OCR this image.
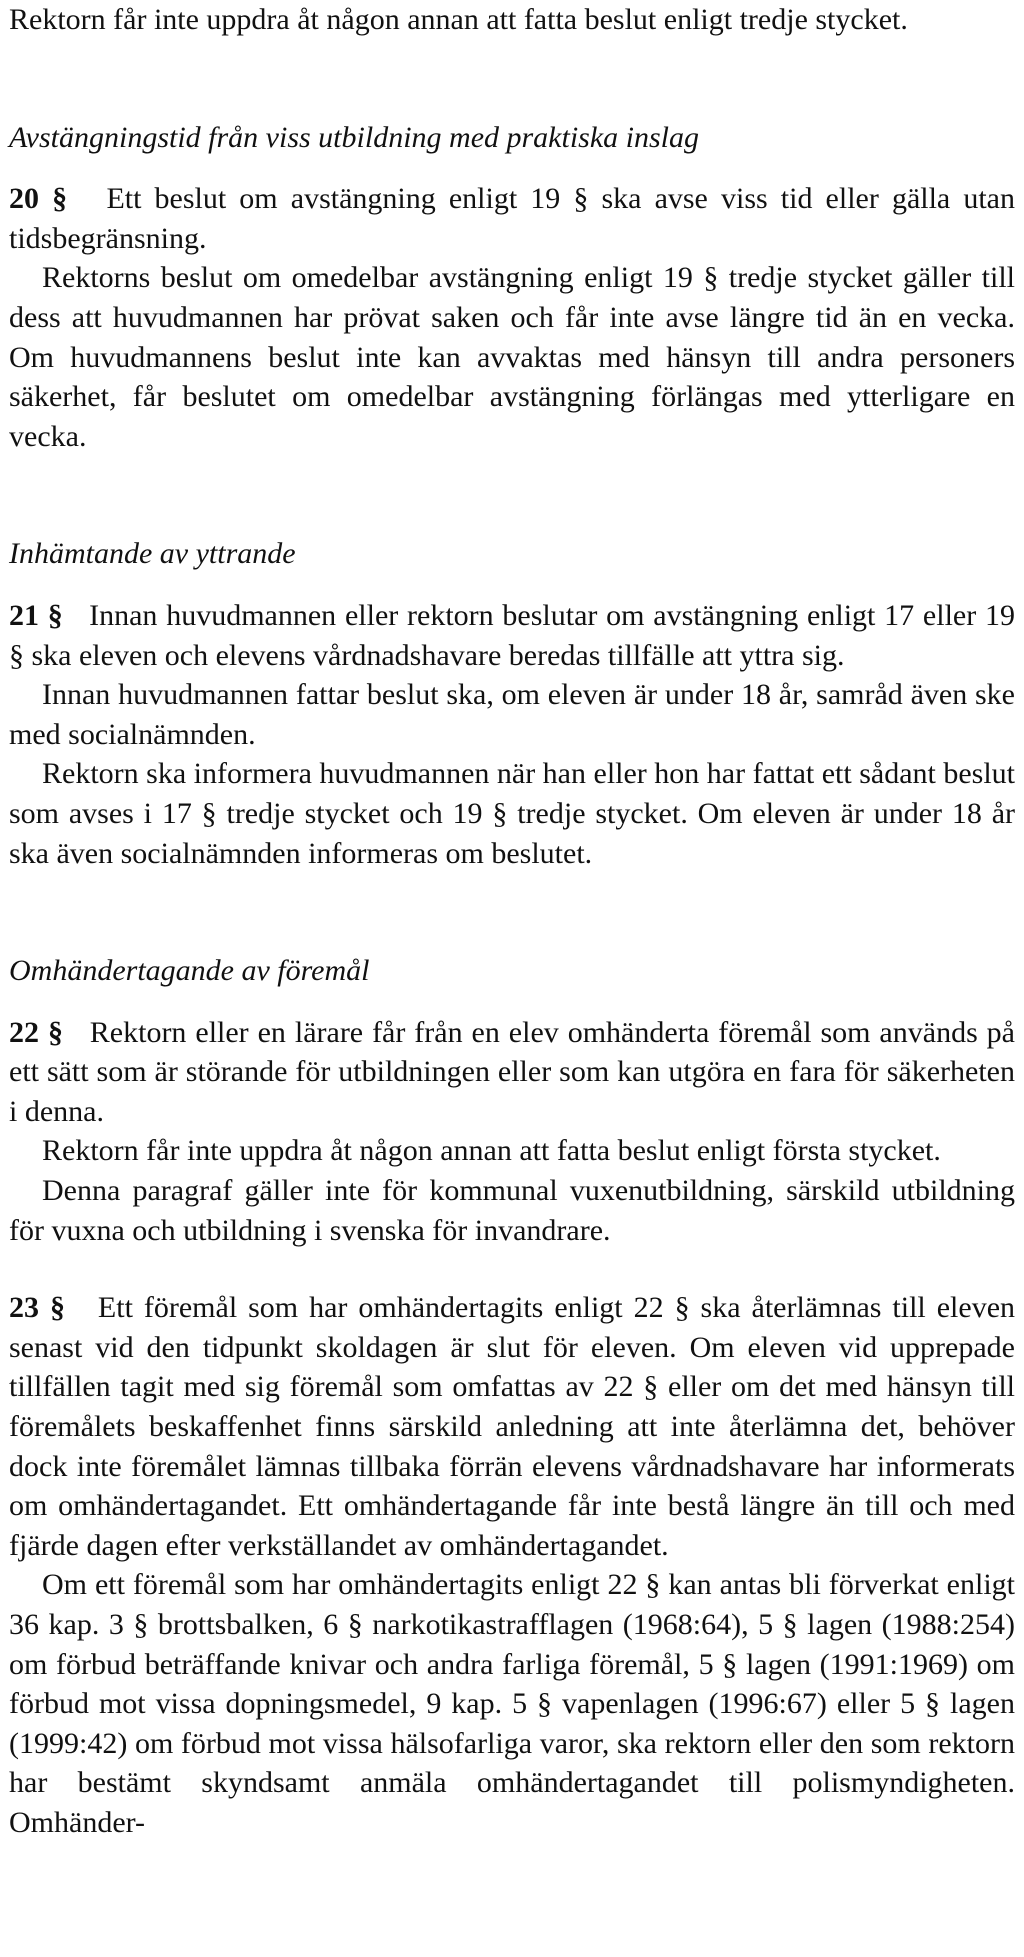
Rektorn får inte uppdra åt någon annan att fatta beslut enligt tredje stycket.

Avstängningstid från viss utbildning med praktiska inslag

20 § Ett beslut om avstängning enligt 19 § ska avse viss tid eller gälla utan tidsbegränsning.

Rektorns beslut om omedelbar avstängning enligt 19 § tredje stycket gäller till dess att huvudmannen har prövat saken och får inte avse längre tid än en vecka. Om huvudmannens beslut inte kan avvaktas med hänsyn till andra personers säkerhet, får beslutet om omedelbar avstängning förlängas med ytterligare en vecka.

Inhämtande av yttrande

21 § Innan huvudmannen eller rektorn beslutar om avstängning enligt 17 eller 19 § ska eleven och elevens vårdnadshavare beredas tillfälle att yttra sig.

Innan huvudmannen fattar beslut ska, om eleven är under 18 år, samråd även ske med socialnämnden.

Rektorn ska informera huvudmannen när han eller hon har fattat ett sådant beslut som avses i 17 § tredje stycket och 19 § tredje stycket. Om eleven är under 18 år ska även socialnämnden informeras om beslutet.

Omhändertagande av föremål

22 § Rektorn eller en lärare får från en elev omhänderta föremål som används på ett sätt som är störande för utbildningen eller som kan utgöra en fara för säkerheten i denna.

Rektorn får inte uppdra åt någon annan att fatta beslut enligt första stycket.

Denna paragraf gäller inte för kommunal vuxenutbildning, särskild utbildning för vuxna och utbildning i svenska för invandrare.

23 § Ett föremål som har omhändertagits enligt 22 § ska återlämnas till eleven senast vid den tidpunkt skoldagen är slut för eleven. Om eleven vid upprepade tillfällen tagit med sig föremål som omfattas av 22 § eller om det med hänsyn till föremålets beskaffenhet finns särskild anledning att inte återlämna det, behöver dock inte föremålet lämnas tillbaka förrän elevens vårdnadshavare har informerats om omhändertagandet. Ett omhändertagande får inte bestå längre än till och med fjärde dagen efter verkställandet av omhändertagandet.

Om ett föremål som har omhändertagits enligt 22 § kan antas bli förverkat enligt 36 kap. 3 § brottsbalken, 6 § narkotikastrafflagen (1968:64), 5 § lagen (1988:254) om förbud beträffande knivar och andra farliga föremål, 5 § lagen (1991:1969) om förbud mot vissa dopningsmedel, 9 kap. 5 § vapenlagen (1996:67) eller 5 § lagen (1999:42) om förbud mot vissa hälsofarliga varor, ska rektorn eller den som rektorn har bestämt skyndsamt anmäla omhändertagandet till polismyndigheten. Omhänder-
